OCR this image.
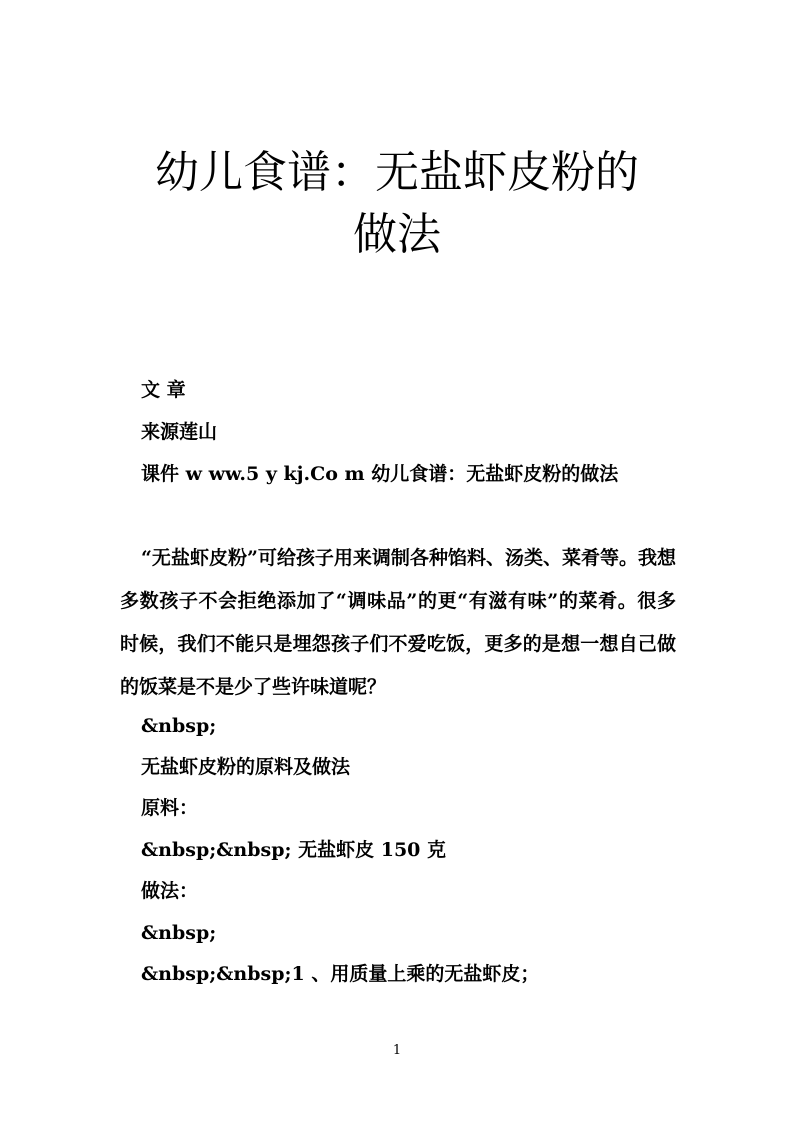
幼儿食谱：无盐虾皮粉的
做法
文 章
来源莲山
课件 w ww.5 y kj.Co m 幼儿食谱：无盐虾皮粉的做法
“无盐虾皮粉”可给孩子用来调制各种馅料、汤类、菜肴等。我想多数孩子不会拒绝添加了“调味品”的更“有滋有味”的菜肴。很多时候，我们不能只是埋怨孩子们不爱吃饭，更多的是想一想自己做的饭菜是不是少了些许味道呢？
&nbsp;
无盐虾皮粉的原料及做法
原料：
&nbsp;&nbsp; 无盐虾皮 150 克
做法：
&nbsp;
&nbsp;&nbsp;1 、用质量上乘的无盐虾皮；
1
